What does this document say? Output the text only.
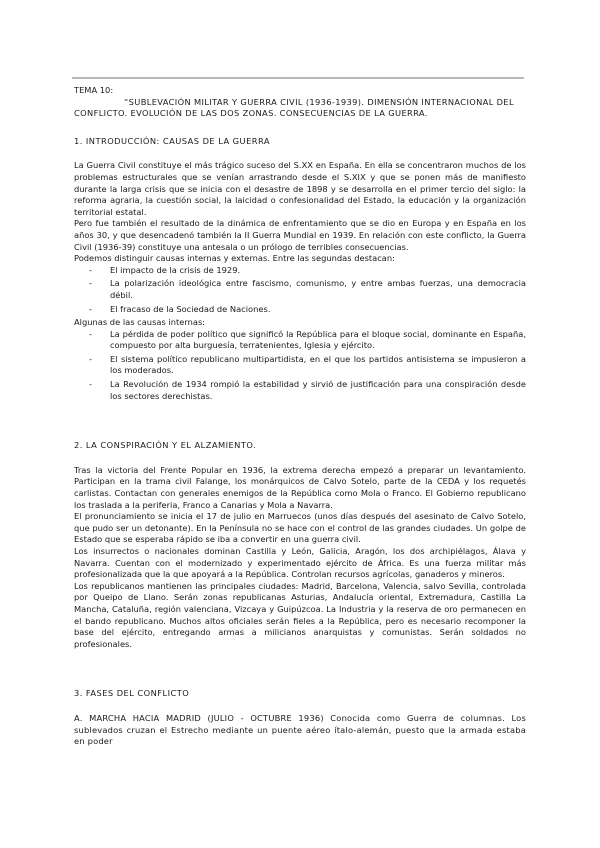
TEMA 10:
“SUBLEVACIÓN MILITAR Y GUERRA CIVIL (1936-1939). DIMENSIÓN INTERNACIONAL DEL CONFLICTO. EVOLUCIÓN DE LAS DOS ZONAS. CONSECUENCIAS DE LA GUERRA.
1. INTRODUCCIÓN: CAUSAS DE LA GUERRA

La Guerra Civil constituye el más trágico suceso del S.XX en España. En ella se concentraron muchos de los problemas estructurales que se venían arrastrando desde el S.XIX y que se ponen más de manifiesto durante la larga crisis que se inicia con el desastre de 1898 y se desarrolla en el primer tercio del siglo: la reforma agraria, la cuestión social, la laicidad o confesionalidad del Estado, la educación y la organización territorial estatal.

Pero fue también el resultado de la dinámica de enfrentamiento que se dio en Europa y en España en los años 30, y que desencadenó también la II Guerra Mundial en 1939. En relación con este conflicto, la Guerra Civil (1936-39) constituye una antesala o un prólogo de terribles consecuencias.

Podemos distinguir causas internas y externas. Entre las segundas destacan:

- El impacto de la crisis de 1929.
- La polarización ideológica entre fascismo, comunismo, y entre ambas fuerzas, una democracia débil.
- El fracaso de la Sociedad de Naciones.

Algunas de las causas internas:

- La pérdida de poder político que significó la República para el bloque social, dominante en España, compuesto por alta burguesía, terratenientes, Iglesia y ejército.
- El sistema político republicano multipartidista, en el que los partidos antisistema se impusieron a los moderados.
- La Revolución de 1934 rompió la estabilidad y sirvió de justificación para una conspiración desde los sectores derechistas.
2. LA CONSPIRACIÓN Y EL ALZAMIENTO.

Tras la victoria del Frente Popular en 1936, la extrema derecha empezó a preparar un levantamiento. Participan en la trama civil Falange, los monárquicos de Calvo Sotelo, parte de la CEDA y los requetés carlistas. Contactan con generales enemigos de la República como Mola o Franco. El Gobierno republicano los traslada a la periferia, Franco a Canarias y Mola a Navarra.

El pronunciamiento se inicia el 17 de julio en Marruecos (unos días después del asesinato de Calvo Sotelo, que pudo ser un detonante). En la Península no se hace con el control de las grandes ciudades. Un golpe de Estado que se esperaba rápido se iba a convertir en una guerra civil.

Los insurrectos o nacionales dominan Castilla y León, Galicia, Aragón, los dos archipiélagos, Álava y Navarra. Cuentan con el modernizado y experimentado ejército de África. Es una fuerza militar más profesionalizada que la que apoyará a la República. Controlan recursos agrícolas, ganaderos y mineros.

Los republicanos mantienen las principales ciudades: Madrid, Barcelona, Valencia, salvo Sevilla, controlada por Queipo de Llano. Serán zonas republicanas Asturias, Andalucía oriental, Extremadura, Castilla La Mancha, Cataluña, región valenciana, Vizcaya y Guipúzcoa. La Industria y la reserva de oro permanecen en el bando republicano. Muchos altos oficiales serán fieles a la República, pero es necesario recomponer la base del ejército, entregando armas a milicianos anarquistas y comunistas. Serán soldados no profesionales.

3. FASES DEL CONFLICTO

A. MARCHA HACIA MADRID (JULIO - OCTUBRE 1936) Conocida como Guerra de columnas. Los sublevados cruzan el Estrecho mediante un puente aéreo ítalo-alemán, puesto que la armada estaba en poder
